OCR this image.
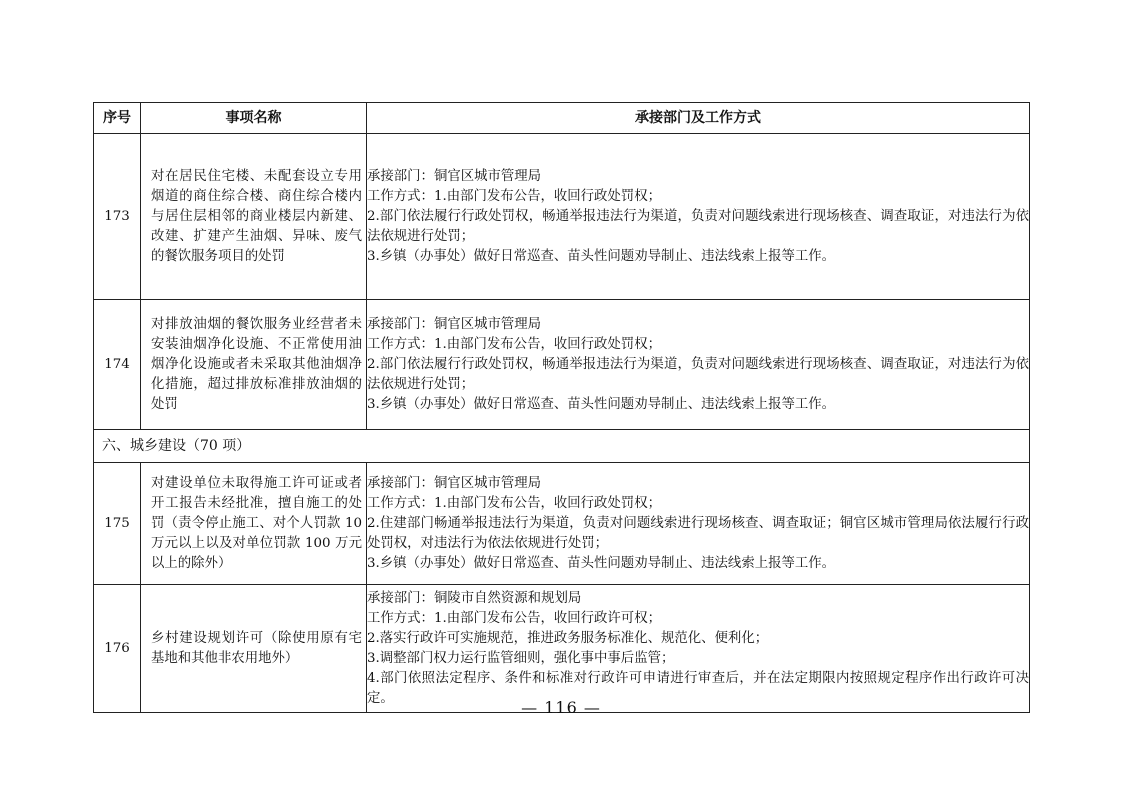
序号	事项名称	承接部门及工作方式
173	对在居民住宅楼、未配套设立专用烟道的商住综合楼、商住综合楼内与居住层相邻的商业楼层内新建、改建、扩建产生油烟、异味、废气的餐饮服务项目的处罚	承接部门：铜官区城市管理局
工作方式：1.由部门发布公告，收回行政处罚权；
2.部门依法履行行政处罚权，畅通举报违法行为渠道，负责对问题线索进行现场核查、调查取证，对违法行为依法依规进行处罚；
3.乡镇（办事处）做好日常巡查、苗头性问题劝导制止、违法线索上报等工作。

174	对排放油烟的餐饮服务业经营者未安装油烟净化设施、不正常使用油烟净化设施或者未采取其他油烟净化措施，超过排放标准排放油烟的处罚	承接部门：铜官区城市管理局
工作方式：1.由部门发布公告，收回行政处罚权；
2.部门依法履行行政处罚权，畅通举报违法行为渠道，负责对问题线索进行现场核查、调查取证，对违法行为依法依规进行处罚；
3.乡镇（办事处）做好日常巡查、苗头性问题劝导制止、违法线索上报等工作。

六、城乡建设（70 项）		
175	对建设单位未取得施工许可证或者开工报告未经批准，擅自施工的处罚（责令停止施工、对个人罚款 10 万元以上以及对单位罚款 100 万元以上的除外）	承接部门：铜官区城市管理局
工作方式：1.由部门发布公告，收回行政处罚权；
2.住建部门畅通举报违法行为渠道，负责对问题线索进行现场核查、调查取证；铜官区城市管理局依法履行行政处罚权，对违法行为依法依规进行处罚；
3.乡镇（办事处）做好日常巡查、苗头性问题劝导制止、违法线索上报等工作。

176	乡村建设规划许可（除使用原有宅基地和其他非农用地外）	承接部门：铜陵市自然资源和规划局
工作方式：1.由部门发布公告，收回行政许可权；
2.落实行政许可实施规范，推进政务服务标准化、规范化、便利化；
3.调整部门权力运行监管细则，强化事中事后监管；
4.部门依照法定程序、条件和标准对行政许可申请进行审查后，并在法定期限内按照规定程序作出行政许可决定。	— 116 —
